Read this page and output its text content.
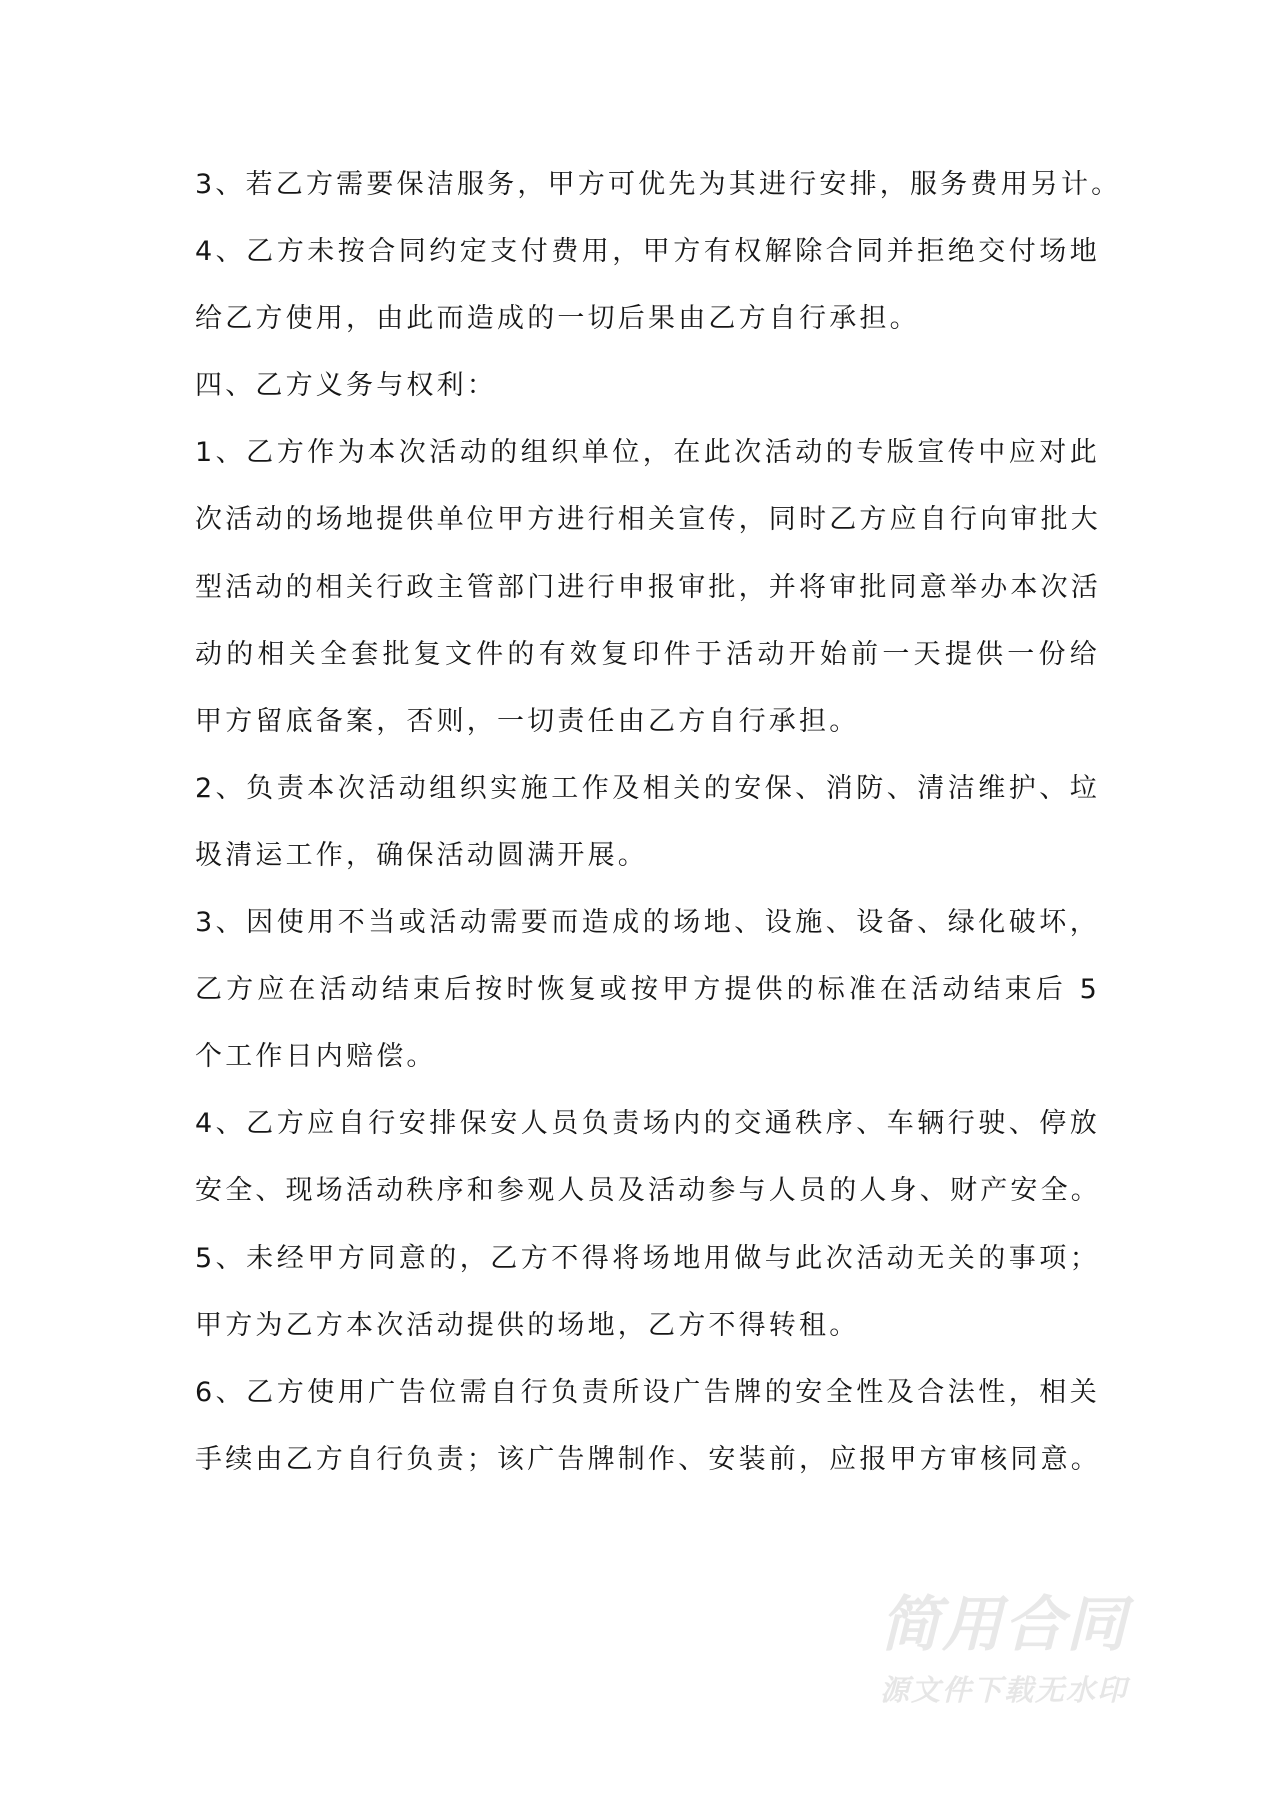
3、若乙方需要保洁服务，甲方可优先为其进行安排，服务费用另计。
4、乙方未按合同约定支付费用，甲方有权解除合同并拒绝交付场地
给乙方使用，由此而造成的一切后果由乙方自行承担。
四、乙方义务与权利：
1、乙方作为本次活动的组织单位，在此次活动的专版宣传中应对此
次活动的场地提供单位甲方进行相关宣传，同时乙方应自行向审批大
型活动的相关行政主管部门进行申报审批，并将审批同意举办本次活
动的相关全套批复文件的有效复印件于活动开始前一天提供一份给
甲方留底备案，否则，一切责任由乙方自行承担。
2、负责本次活动组织实施工作及相关的安保、消防、清洁维护、垃
圾清运工作，确保活动圆满开展。
3、因使用不当或活动需要而造成的场地、设施、设备、绿化破坏，
乙方应在活动结束后按时恢复或按甲方提供的标准在活动结束后 5
个工作日内赔偿。
4、乙方应自行安排保安人员负责场内的交通秩序、车辆行驶、停放
安全、现场活动秩序和参观人员及活动参与人员的人身、财产安全。
5、未经甲方同意的，乙方不得将场地用做与此次活动无关的事项；
甲方为乙方本次活动提供的场地，乙方不得转租。
6、乙方使用广告位需自行负责所设广告牌的安全性及合法性，相关
手续由乙方自行负责；该广告牌制作、安装前，应报甲方审核同意。
简用合同
源文件下载无水印
